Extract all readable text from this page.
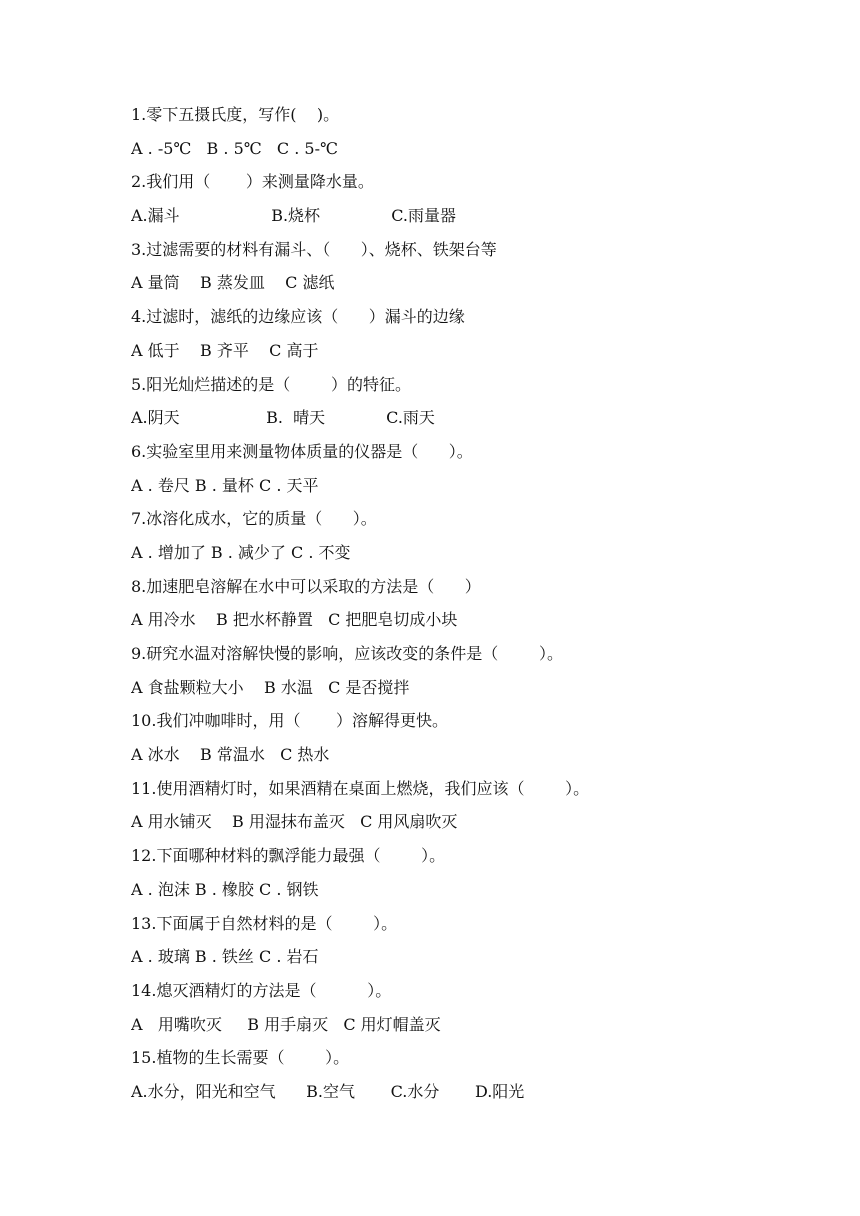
1.零下五摄氏度，写作(    )。
A . -5℃   B . 5℃   C . 5-℃
2.我们用（       ）来测量降水量。
A.漏斗                  B.烧杯              C.雨量器
3.过滤需要的材料有漏斗、（      ）、烧杯、铁架台等
A 量筒    B 蒸发皿    C 滤纸
4.过滤时，滤纸的边缘应该（      ）漏斗的边缘
A 低于    B 齐平    C 高于
5.阳光灿烂描述的是（        ）的特征。
A.阴天                 B.  晴天            C.雨天
6.实验室里用来测量物体质量的仪器是（      ）。
A . 卷尺 B . 量杯 C . 天平
7.冰溶化成水，它的质量（      ）。
A . 增加了 B . 减少了 C . 不变
8.加速肥皂溶解在水中可以采取的方法是（      ）
A 用冷水    B 把水杯静置   C 把肥皂切成小块
9.研究水温对溶解快慢的影响，应该改变的条件是（        ）。
A 食盐颗粒大小    B 水温   C 是否搅拌
10.我们冲咖啡时，用（       ）溶解得更快。
A 冰水    B 常温水   C 热水
11.使用酒精灯时，如果酒精在桌面上燃烧，我们应该（        ）。
A 用水铺灭    B 用湿抹布盖灭   C 用风扇吹灭
12.下面哪种材料的飘浮能力最强（        ）。
A . 泡沫 B . 橡胶 C . 钢铁
13.下面属于自然材料的是（        ）。
A . 玻璃 B . 铁丝 C . 岩石
14.熄灭酒精灯的方法是（          ）。
A   用嘴吹灭     B 用手扇灭   C 用灯帽盖灭
15.植物的生长需要（        ）。
A.水分，阳光和空气      B.空气       C.水分       D.阳光
